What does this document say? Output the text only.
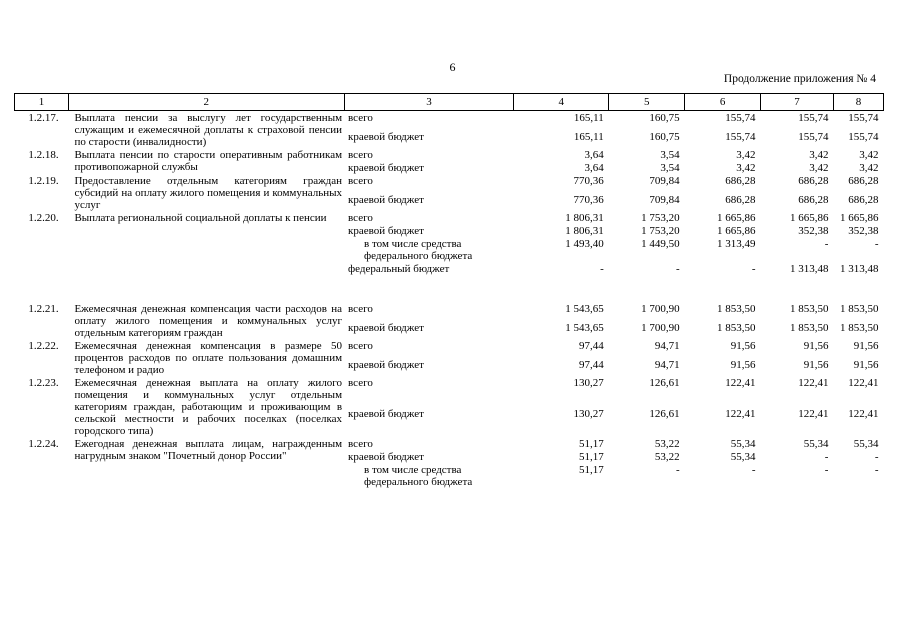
6
Продолжение приложения № 4
1	2	3	4	5	6	7	8
1.2.17.	Выплата пенсии за выслугу лет государственным служащим и ежемесячной доплаты к страховой пенсии по старости (инвалидности)	всего	165,11	160,75	155,74	155,74	155,74
		краевой бюджет	165,11	160,75	155,74	155,74	155,74
1.2.18.	Выплата пенсии по старости оперативным работникам противопожарной службы	всего	3,64	3,54	3,42	3,42	3,42
		краевой бюджет	3,64	3,54	3,42	3,42	3,42
1.2.19.	Предоставление отдельным категориям граждан субсидий на оплату жилого помещения и коммунальных услуг	всего	770,36	709,84	686,28	686,28	686,28
		краевой бюджет	770,36	709,84	686,28	686,28	686,28
1.2.20.	Выплата региональной социальной доплаты к пенсии	всего	1 806,31	1 753,20	1 665,86	1 665,86	1 665,86
		краевой бюджет	1 806,31	1 753,20	1 665,86	352,38	352,38
		в том числе средства федерального бюджета	1 493,40	1 449,50	1 313,49	-	-
		федеральный бюджет	-	-	-	1 313,48	1 313,48

1.2.21.	Ежемесячная денежная компенсация части расходов на оплату жилого помещения и коммунальных услуг отдельным категориям граждан	всего	1 543,65	1 700,90	1 853,50	1 853,50	1 853,50
		краевой бюджет	1 543,65	1 700,90	1 853,50	1 853,50	1 853,50
1.2.22.	Ежемесячная денежная компенсация в размере 50 процентов расходов по оплате пользования домашним телефоном и радио	всего	97,44	94,71	91,56	91,56	91,56
		краевой бюджет	97,44	94,71	91,56	91,56	91,56
1.2.23.	Ежемесячная денежная выплата на оплату жилого помещения и коммунальных услуг отдельным категориям граждан, работающим и проживающим в сельской местности и рабочих поселках (поселках городского типа)	всего	130,27	126,61	122,41	122,41	122,41
		краевой бюджет	130,27	126,61	122,41	122,41	122,41
1.2.24.	Ежегодная денежная выплата лицам, награжденным нагрудным знаком "Почетный донор России"	всего	51,17	53,22	55,34	55,34	55,34
		краевой бюджет	51,17	53,22	55,34	-	-
		в том числе средства федерального бюджета	51,17	-	-	-	-
